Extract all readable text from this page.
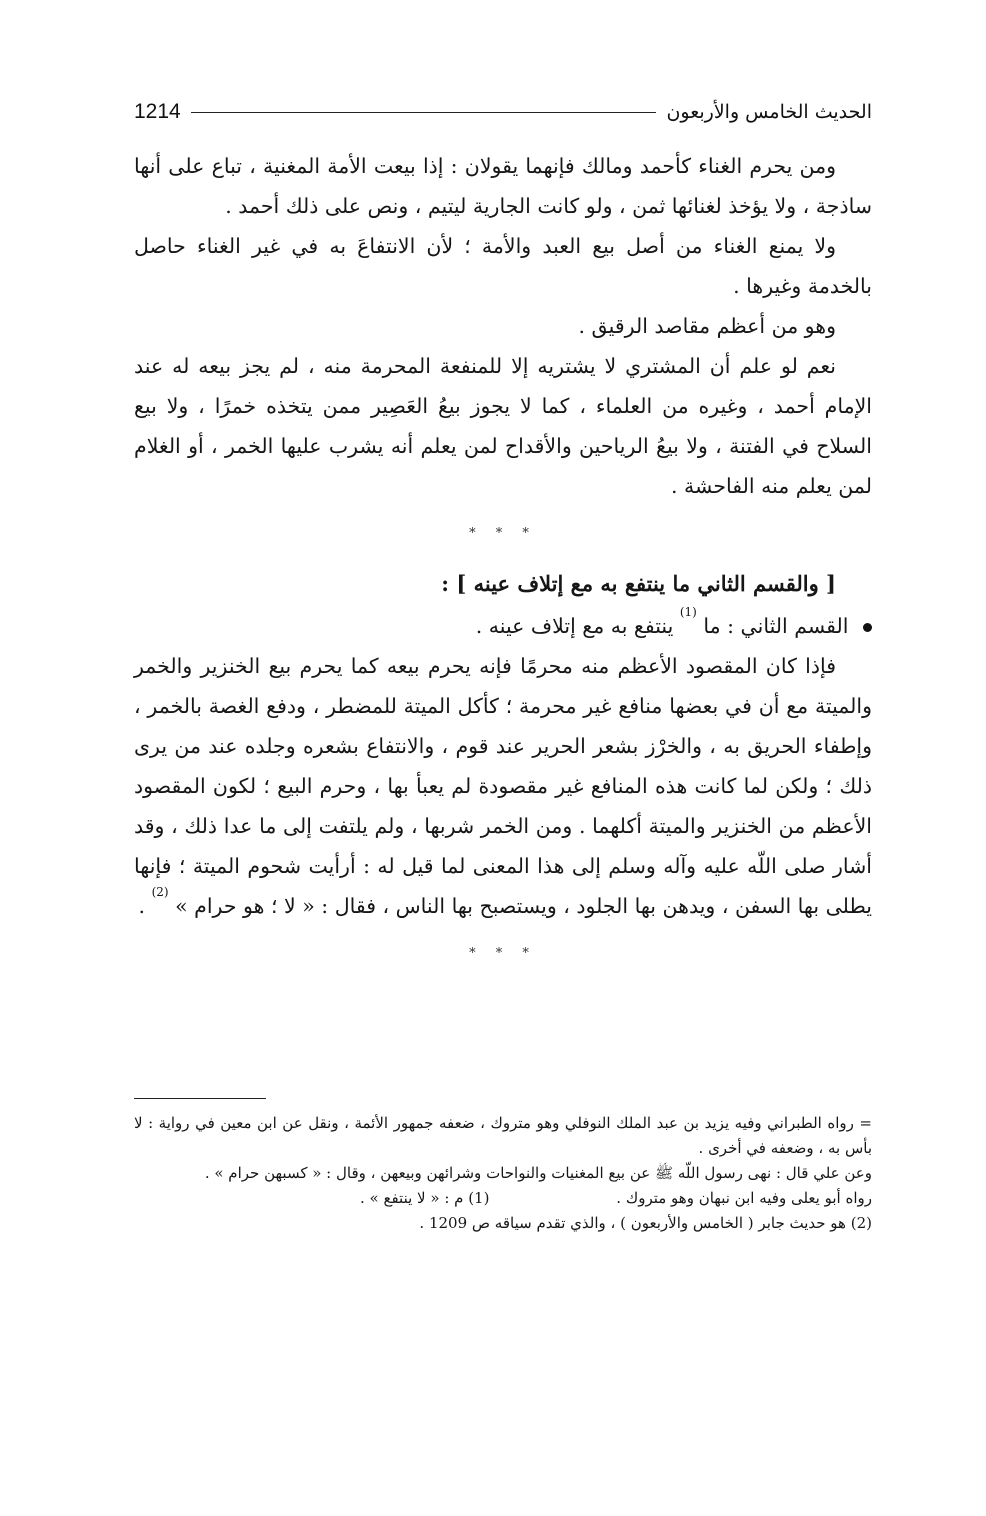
1214	الحديث الخامس والأربعون

ومن يحرم الغناء كأحمد ومالك فإنهما يقولان : إذا بيعت الأمة المغنية ، تباع على أنها ساذجة ، ولا يؤخذ لغنائها ثمن ، ولو كانت الجارية ليتيم ، ونص على ذلك أحمد .

ولا يمنع الغناء من أصل بيع العبد والأمة ؛ لأن الانتفاعَ به في غير الغناء حاصل بالخدمة وغيرها .

وهو من أعظم مقاصد الرقيق .

نعم لو علم أن المشتري لا يشتريه إلا للمنفعة المحرمة منه ، لم يجز بيعه له عند الإمام أحمد ، وغيره من العلماء ، كما لا يجوز بيعُ العَصِير ممن يتخذه خمرًا ، ولا بيع السلاح في الفتنة ، ولا بيعُ الرياحين والأقداح لمن يعلم أنه يشرب عليها الخمر ، أو الغلام لمن يعلم منه الفاحشة .

* * *

[ والقسم الثاني ما ينتفع به مع إتلاف عينه ] :

القسم الثاني : ما $^{(1)}$ ينتفع به مع إتلاف عينه .

فإذا كان المقصود الأعظم منه محرمًا فإنه يحرم بيعه كما يحرم بيع الخنزير والخمر والميتة مع أن في بعضها منافع غير محرمة ؛ كأكل الميتة للمضطر ، ودفع الغصة بالخمر ، وإطفاء الحريق به ، والخرْز بشعر الحرير عند قوم ، والانتفاع بشعره وجلده عند من يرى ذلك ؛ ولكن لما كانت هذه المنافع غير مقصودة لم يعبأ بها ، وحرم البيع ؛ لكون المقصود الأعظم من الخنزير والميتة أكلهما . ومن الخمر شربها ، ولم يلتفت إلى ما عدا ذلك ، وقد أشار صلى اللّه عليه وآله وسلم إلى هذا المعنى لما قيل له : أرأيت شحوم الميتة ؛ فإنها يطلى بها السفن ، ويدهن بها الجلود ، ويستصبح بها الناس ، فقال : « لا ؛ هو حرام » $^{(2)}$ .

* * *

= رواه الطبراني وفيه يزيد بن عبد الملك النوفلي وهو متروك ، ضعفه جمهور الأئمة ، ونقل عن ابن معين في رواية : لا بأس به ، وضعفه في أخرى .

وعن علي قال : نهى رسول اللّه ﷺ عن بيع المغنيات والنواحات وشرائهن وبيعهن ، وقال : « كسبهن حرام » .

رواه أبو يعلى وفيه ابن نبهان وهو متروك .
(1) م : « لا ينتفع » .

(2) هو حديث جابر ( الخامس والأربعون ) ، والذي تقدم سياقه ص 1209 .
